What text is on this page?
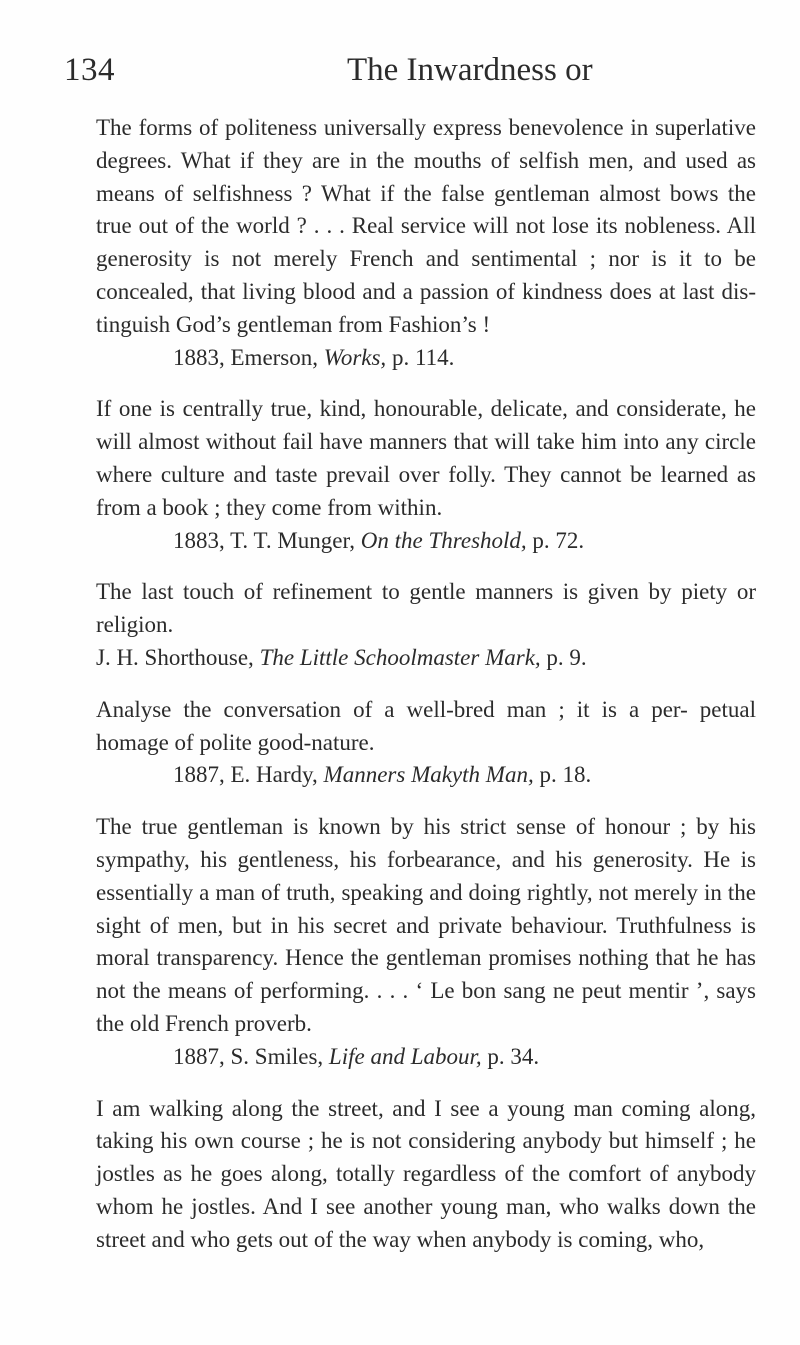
134	The Inwardness or

The forms of politeness universally express benevolence in superlative degrees. What if they are in the mouths of selfish men, and used as means of selfishness ? What if the false gentleman almost bows the true out of the world ? . . . Real service will not lose its nobleness. All generosity is not merely French and sentimental ; nor is it to be concealed, that living blood and a passion of kindness does at last dis- tinguish God’s gentleman from Fashion’s !

1883, Emerson, Works, p. 114.

If one is centrally true, kind, honourable, delicate, and considerate, he will almost without fail have manners that will take him into any circle where culture and taste prevail over folly. They cannot be learned as from a book ; they come from within.

1883, T. T. Munger, On the Threshold, p. 72.

The last touch of refinement to gentle manners is given by piety or religion.

J. H. Shorthouse, The Little Schoolmaster Mark, p. 9.

Analyse the conversation of a well-bred man ; it is a per- petual homage of polite good-nature.

1887, E. Hardy, Manners Makyth Man, p. 18.

The true gentleman is known by his strict sense of honour ; by his sympathy, his gentleness, his forbearance, and his generosity. He is essentially a man of truth, speaking and doing rightly, not merely in the sight of men, but in his secret and private behaviour. Truthfulness is moral transparency. Hence the gentleman promises nothing that he has not the means of performing. . . . ‘ Le bon sang ne peut mentir ’, says the old French proverb.

1887, S. Smiles, Life and Labour, p. 34.

I am walking along the street, and I see a young man coming along, taking his own course ; he is not considering anybody but himself ; he jostles as he goes along, totally regardless of the comfort of anybody whom he jostles. And I see another young man, who walks down the street and who gets out of the way when anybody is coming, who,
